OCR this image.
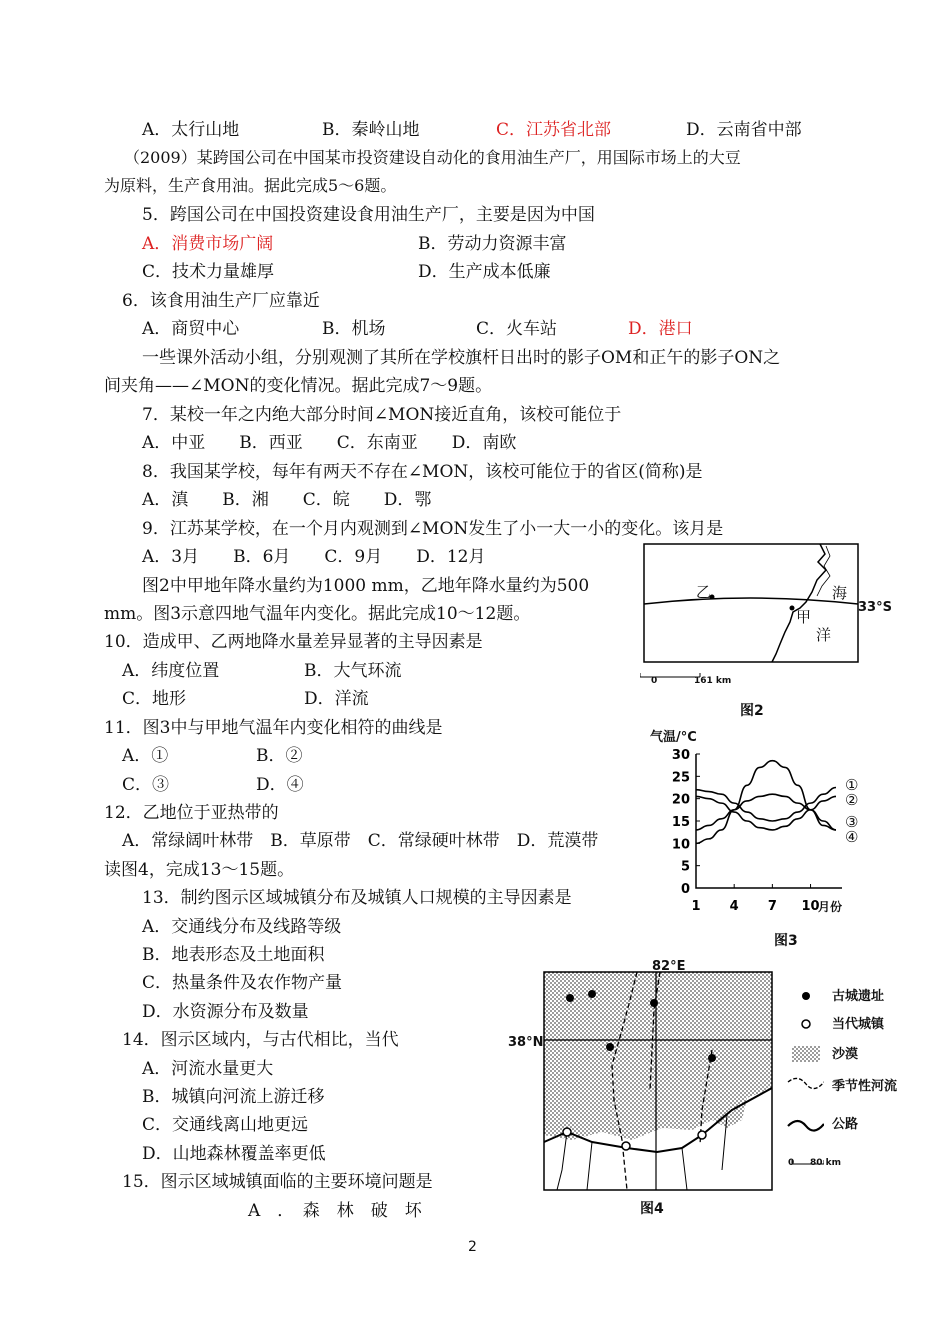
A．太行山地	B．秦岭山地	C．江苏省北部	D．云南省中部
（2009）某跨国公司在中国某市投资建设自动化的食用油生产厂，用国际市场上的大豆
为原料，生产食用油。据此完成5～6题。
5．跨国公司在中国投资建设食用油生产厂，主要是因为中国
A．消费市场广阔	B．劳动力资源丰富
C．技术力量雄厚	D．生产成本低廉
6．该食用油生产厂应靠近
A．商贸中心	B．机场	C．火车站	D．港口
一些课外活动小组，分别观测了其所在学校旗杆日出时的影子OM和正午的影子ON之
间夹角——∠MON的变化情况。据此完成7～9题。
7．某校一年之内绝大部分时间∠MON接近直角，该校可能位于
A．中亚　　B．西亚　　C．东南亚　　D．南欧
8．我国某学校，每年有两天不存在∠MON，该校可能位于的省区(简称)是
A．滇　　B．湘　　C．皖　　D．鄂
9．江苏某学校，在一个月内观测到∠MON发生了小一大一小的变化。该月是
A．3月　　B．6月　　C．9月　　D．12月
图2中甲地年降水量约为1000 mm，乙地年降水量约为500
mm。图3示意四地气温年内变化。据此完成10～12题。
10．造成甲、乙两地降水量差异显著的主导因素是
A．纬度位置	B．大气环流
C．地形	D．洋流
11．图3中与甲地气温年内变化相符的曲线是
A．①	B．②
C．③	D．④
12．乙地位于亚热带的
A．常绿阔叶林带　B．草原带　C．常绿硬叶林带　D．荒漠带
读图4，完成13～15题。
13．制约图示区域城镇分布及城镇人口规模的主导因素是
A．交通线分布及线路等级
B．地表形态及土地面积
C．热量条件及农作物产量
D．水资源分布及数量
14．图示区域内，与古代相比，当代
A．河流水量更大
B．城镇向河流上游迁移
C．交通线离山地更远
D．山地森林覆盖率更低
15．图示区域城镇面临的主要环境问题是
A　．　森　林　破　坏
2
0	161 km
乙
甲
海
洋
33°S
图2
0
5
10
15
20
25
30
1 4 7 10
气温/°C
月份
①
②
③
④
图3
82°E
38°N
古城遗址
当代城镇
沙漠
季节性河流
公路
0 80 km
图4
